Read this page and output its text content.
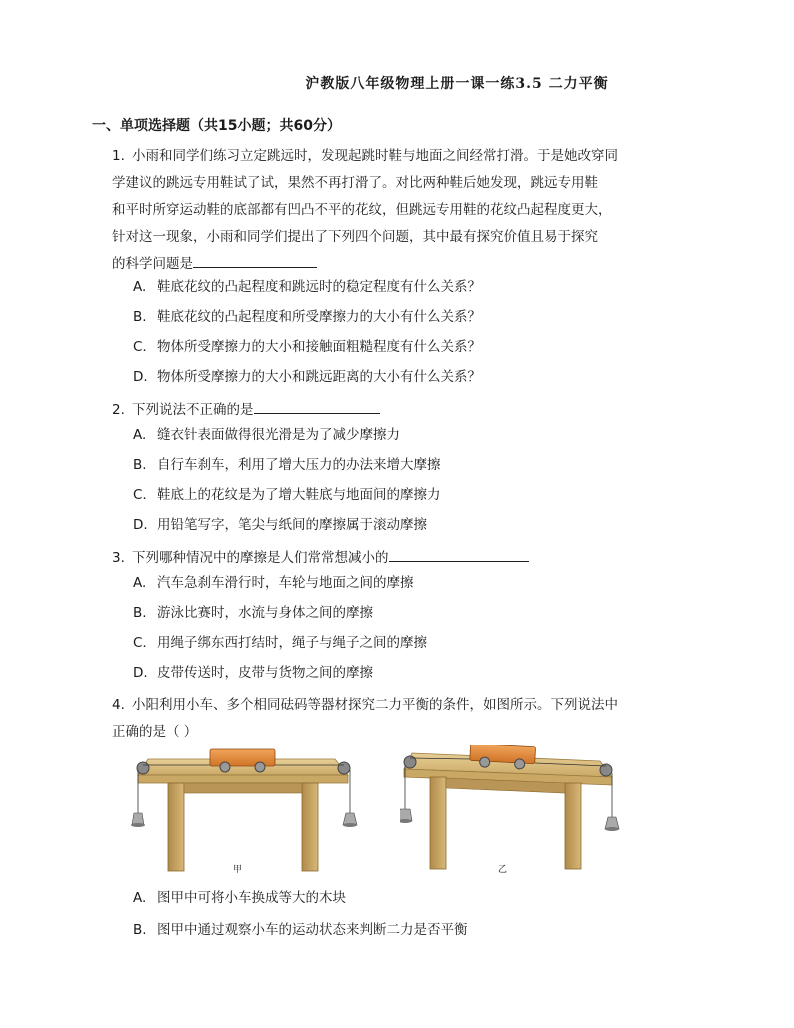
沪教版八年级物理上册一课一练3.5 二力平衡
一、单项选择题（共15小题；共60分）

1. 小雨和同学们练习立定跳远时，发现起跳时鞋与地面之间经常打滑。于是她改穿同

学建议的跳远专用鞋试了试，果然不再打滑了。对比两种鞋后她发现，跳远专用鞋

和平时所穿运动鞋的底部都有凹凸不平的花纹，但跳远专用鞋的花纹凸起程度更大，

针对这一现象，小雨和同学们提出了下列四个问题，其中最有探究价值且易于探究

的科学问题是

A. 鞋底花纹的凸起程度和跳远时的稳定程度有什么关系？
B. 鞋底花纹的凸起程度和所受摩擦力的大小有什么关系？
C. 物体所受摩擦力的大小和接触面粗糙程度有什么关系？
D. 物体所受摩擦力的大小和跳远距离的大小有什么关系？

2. 下列说法不正确的是

A. 缝衣针表面做得很光滑是为了减少摩擦力
B. 自行车刹车，利用了增大压力的办法来增大摩擦
C. 鞋底上的花纹是为了增大鞋底与地面间的摩擦力
D. 用铅笔写字，笔尖与纸间的摩擦属于滚动摩擦

3. 下列哪种情况中的摩擦是人们常常想减小的

A. 汽车急刹车滑行时，车轮与地面之间的摩擦
B. 游泳比赛时，水流与身体之间的摩擦
C. 用绳子绑东西打结时，绳子与绳子之间的摩擦
D. 皮带传送时，皮带与货物之间的摩擦

4. 小阳利用小车、多个相同砝码等器材探究二力平衡的条件，如图所示。下列说法中

正确的是（ ）

甲	乙
A. 图甲中可将小车换成等大的木块
B. 图甲中通过观察小车的运动状态来判断二力是否平衡
